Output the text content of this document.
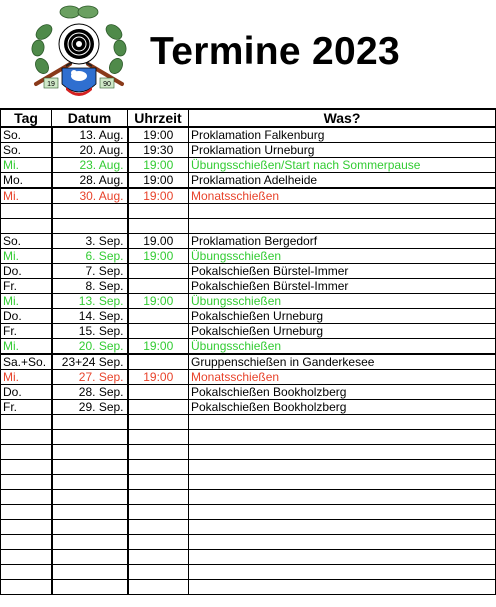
19	90
Termine 2023
Tag	Datum	Uhrzeit	Was?
So.	13. Aug.	19:00	Proklamation Falkenburg
So.	20. Aug.	19:30	Proklamation Urneburg
Mi.	23. Aug.	19:00	Übungsschießen/Start nach Sommerpause
Mo.	28. Aug.	19:00	Proklamation Adelheide
Mi.	30. Aug.	19:00	Monatsschießen

So.	3. Sep.	19.00	Proklamation Bergedorf
Mi.	6. Sep.	19:00	Übungsschießen
Do.	7. Sep.		Pokalschießen Bürstel-Immer
Fr.	8. Sep.		Pokalschießen Bürstel-Immer
Mi.	13. Sep.	19:00	Übungsschießen
Do.	14. Sep.		Pokalschießen Urneburg
Fr.	15. Sep.		Pokalschießen Urneburg
Mi.	20. Sep.	19:00	Übungsschießen
Sa.+So.	23+24 Sep.		Gruppenschießen in Ganderkesee
Mi.	27. Sep.	19:00	Monatsschießen
Do.	28. Sep.		Pokalschießen Bookholzberg
Fr.	29. Sep.		Pokalschießen Bookholzberg
